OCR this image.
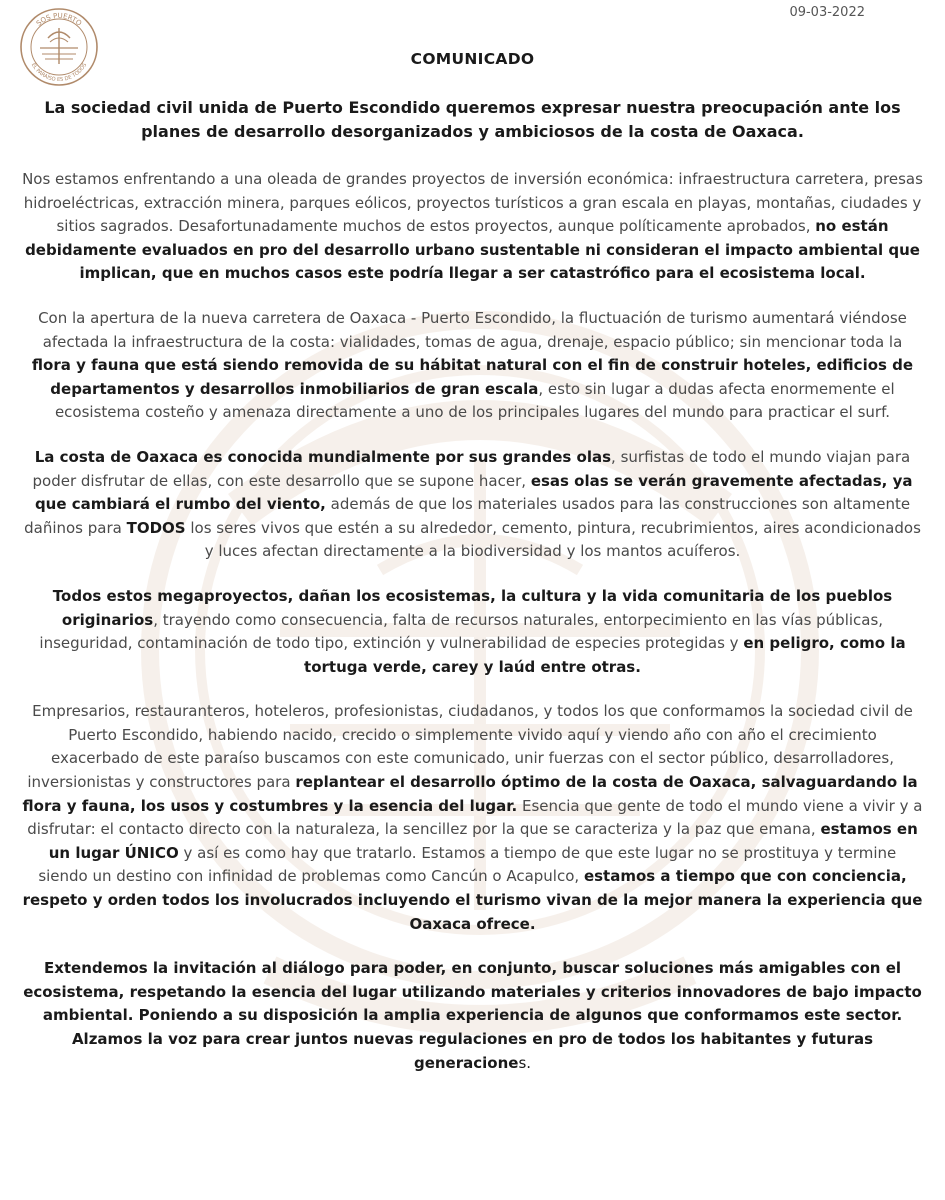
SOS PUERTO
EL PARAÍSO ES DE TODOS
09-03-2022
COMUNICADO

La sociedad civil unida de Puerto Escondido queremos expresar nuestra preocupación ante los planes de desarrollo desorganizados y ambiciosos de la costa de Oaxaca.

Nos estamos enfrentando a una oleada de grandes proyectos de inversión económica: infraestructura carretera, presas hidroeléctricas, extracción minera, parques eólicos, proyectos turísticos a gran escala en playas, montañas, ciudades y sitios sagrados. Desafortunadamente muchos de estos proyectos, aunque políticamente aprobados, no están debidamente evaluados en pro del desarrollo urbano sustentable ni consideran el impacto ambiental que implican, que en muchos casos este podría llegar a ser catastrófico para el ecosistema local.

Con la apertura de la nueva carretera de Oaxaca - Puerto Escondido, la fluctuación de turismo aumentará viéndose afectada la infraestructura de la costa: vialidades, tomas de agua, drenaje, espacio público; sin mencionar toda la flora y fauna que está siendo removida de su hábitat natural con el fin de construir hoteles, edificios de departamentos y desarrollos inmobiliarios de gran escala, esto sin lugar a dudas afecta enormemente el ecosistema costeño y amenaza directamente a uno de los principales lugares del mundo para practicar el surf.

La costa de Oaxaca es conocida mundialmente por sus grandes olas, surfistas de todo el mundo viajan para poder disfrutar de ellas, con este desarrollo que se supone hacer, esas olas se verán gravemente afectadas, ya que cambiará el rumbo del viento, además de que los materiales usados para las construcciones son altamente dañinos para TODOS los seres vivos que estén a su alrededor, cemento, pintura, recubrimientos, aires acondicionados y luces afectan directamente a la biodiversidad y los mantos acuíferos.

Todos estos megaproyectos, dañan los ecosistemas, la cultura y la vida comunitaria de los pueblos originarios, trayendo como consecuencia, falta de recursos naturales, entorpecimiento en las vías públicas, inseguridad, contaminación de todo tipo, extinción y vulnerabilidad de especies protegidas y en peligro, como la tortuga verde, carey y laúd entre otras.

Empresarios, restauranteros, hoteleros, profesionistas, ciudadanos, y todos los que conformamos la sociedad civil de Puerto Escondido, habiendo nacido, crecido o simplemente vivido aquí y viendo año con año el crecimiento exacerbado de este paraíso buscamos con este comunicado, unir fuerzas con el sector público, desarrolladores, inversionistas y constructores para replantear el desarrollo óptimo de la costa de Oaxaca, salvaguardando la flora y fauna, los usos y costumbres y la esencia del lugar. Esencia que gente de todo el mundo viene a vivir y a disfrutar: el contacto directo con la naturaleza, la sencillez por la que se caracteriza y la paz que emana, estamos en un lugar ÚNICO y así es como hay que tratarlo. Estamos a tiempo de que este lugar no se prostituya y termine siendo un destino con infinidad de problemas como Cancún o Acapulco, estamos a tiempo que con conciencia, respeto y orden todos los involucrados incluyendo el turismo vivan de la mejor manera la experiencia que Oaxaca ofrece.

Extendemos la invitación al diálogo para poder, en conjunto, buscar soluciones más amigables con el ecosistema, respetando la esencia del lugar utilizando materiales y criterios innovadores de bajo impacto ambiental. Poniendo a su disposición la amplia experiencia de algunos que conformamos este sector. Alzamos la voz para crear juntos nuevas regulaciones en pro de todos los habitantes y futuras generaciones.
